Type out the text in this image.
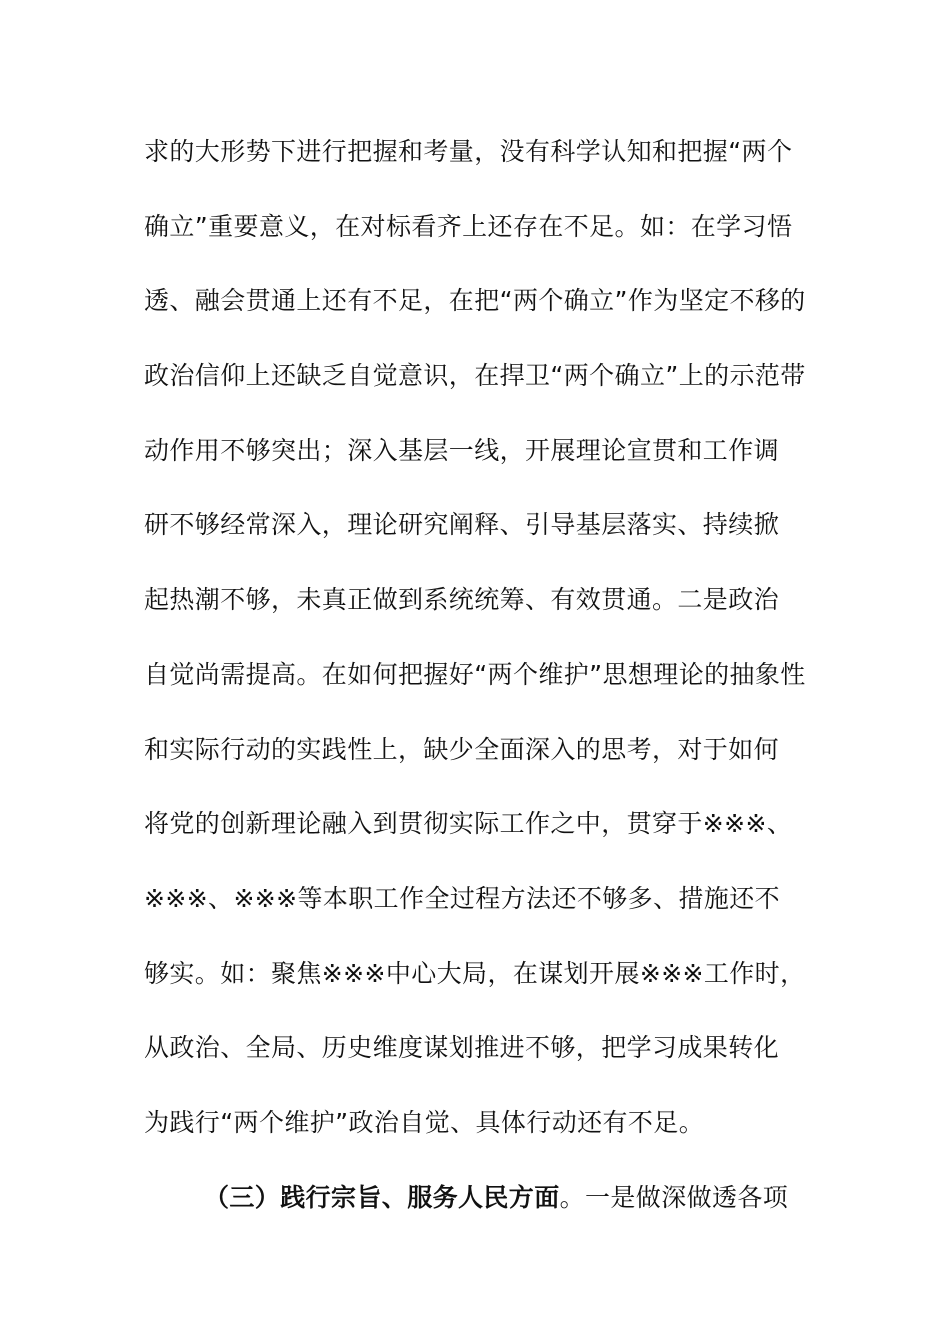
求的大形势下进行把握和考量，没有科学认知和把握“两个
确立”重要意义，在对标看齐上还存在不足。如：在学习悟
透、融会贯通上还有不足，在把“两个确立”作为坚定不移的
政治信仰上还缺乏自觉意识，在捍卫“两个确立”上的示范带
动作用不够突出；深入基层一线，开展理论宣贯和工作调
研不够经常深入，理论研究阐释、引导基层落实、持续掀
起热潮不够，未真正做到系统统筹、有效贯通。二是政治
自觉尚需提高。在如何把握好“两个维护”思想理论的抽象性
和实际行动的实践性上，缺少全面深入的思考，对于如何
将党的创新理论融入到贯彻实际工作之中，贯穿于※※※、
※※※、※※※等本职工作全过程方法还不够多、措施还不
够实。如：聚焦※※※中心大局，在谋划开展※※※工作时，
从政治、全局、历史维度谋划推进不够，把学习成果转化
为践行“两个维护”政治自觉、具体行动还有不足。
（三）践行宗旨、服务人民方面。一是做深做透各项
